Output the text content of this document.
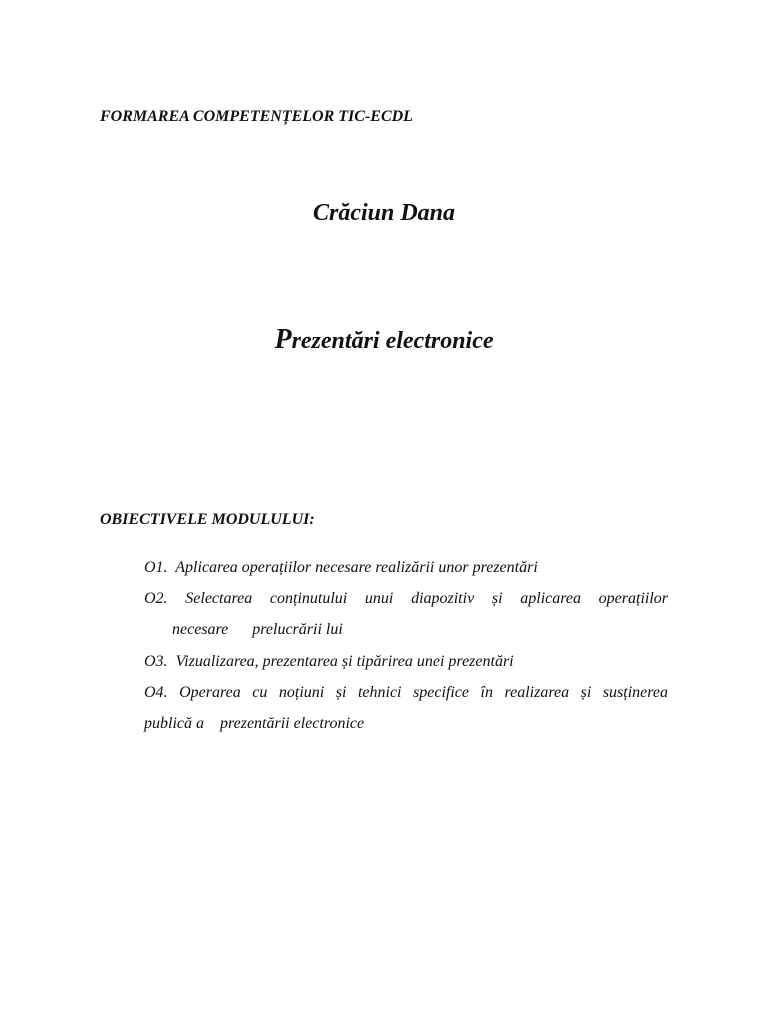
FORMAREA COMPETENȚELOR TIC-ECDL
Crăciun Dana
Prezentări electronice
OBIECTIVELE MODULULUI:
O1. Aplicarea operațiilor necesare realizării unor prezentări
O2. Selectarea conținutului unui diapozitiv și aplicarea operațiilor
necesare      prelucrării lui
O3. Vizualizarea, prezentarea și tipărirea unei prezentări
O4. Operarea cu noțiuni și tehnici specifice în realizarea și susținerea
publică a    prezentării electronice
